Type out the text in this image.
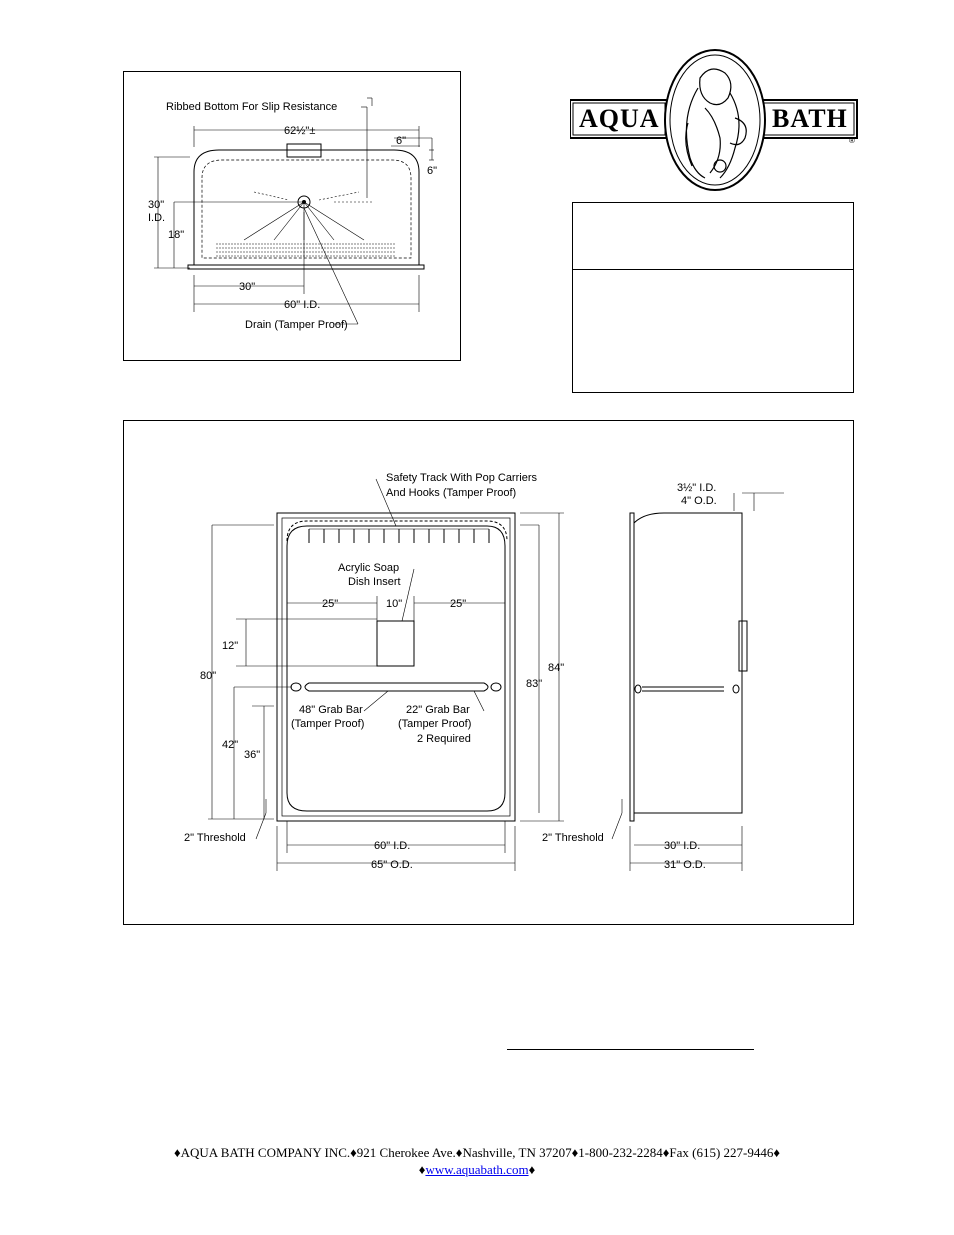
Ribbed Bottom For Slip Resistance
62½"±
6"
6"
30"
I.D.
18"
30"
60" I.D.
Drain (Tamper Proof)
AQUA	BATH
®
Safety Track With Pop Carriers
And Hooks (Tamper Proof)
Acrylic Soap
Dish Insert
25"	10"	25"
12"
80"
83"
84"
42"
36"
48" Grab Bar
(Tamper Proof)
22" Grab Bar
(Tamper Proof)
2 Required
2" Threshold	2" Threshold
60" I.D.
65" O.D.
3½" I.D.
4" O.D.
30" I.D.
31" O.D.
♦AQUA BATH COMPANY INC.♦921 Cherokee Ave.♦Nashville, TN 37207♦1-800-232-2284♦Fax (615) 227-9446♦
♦www.aquabath.com♦
